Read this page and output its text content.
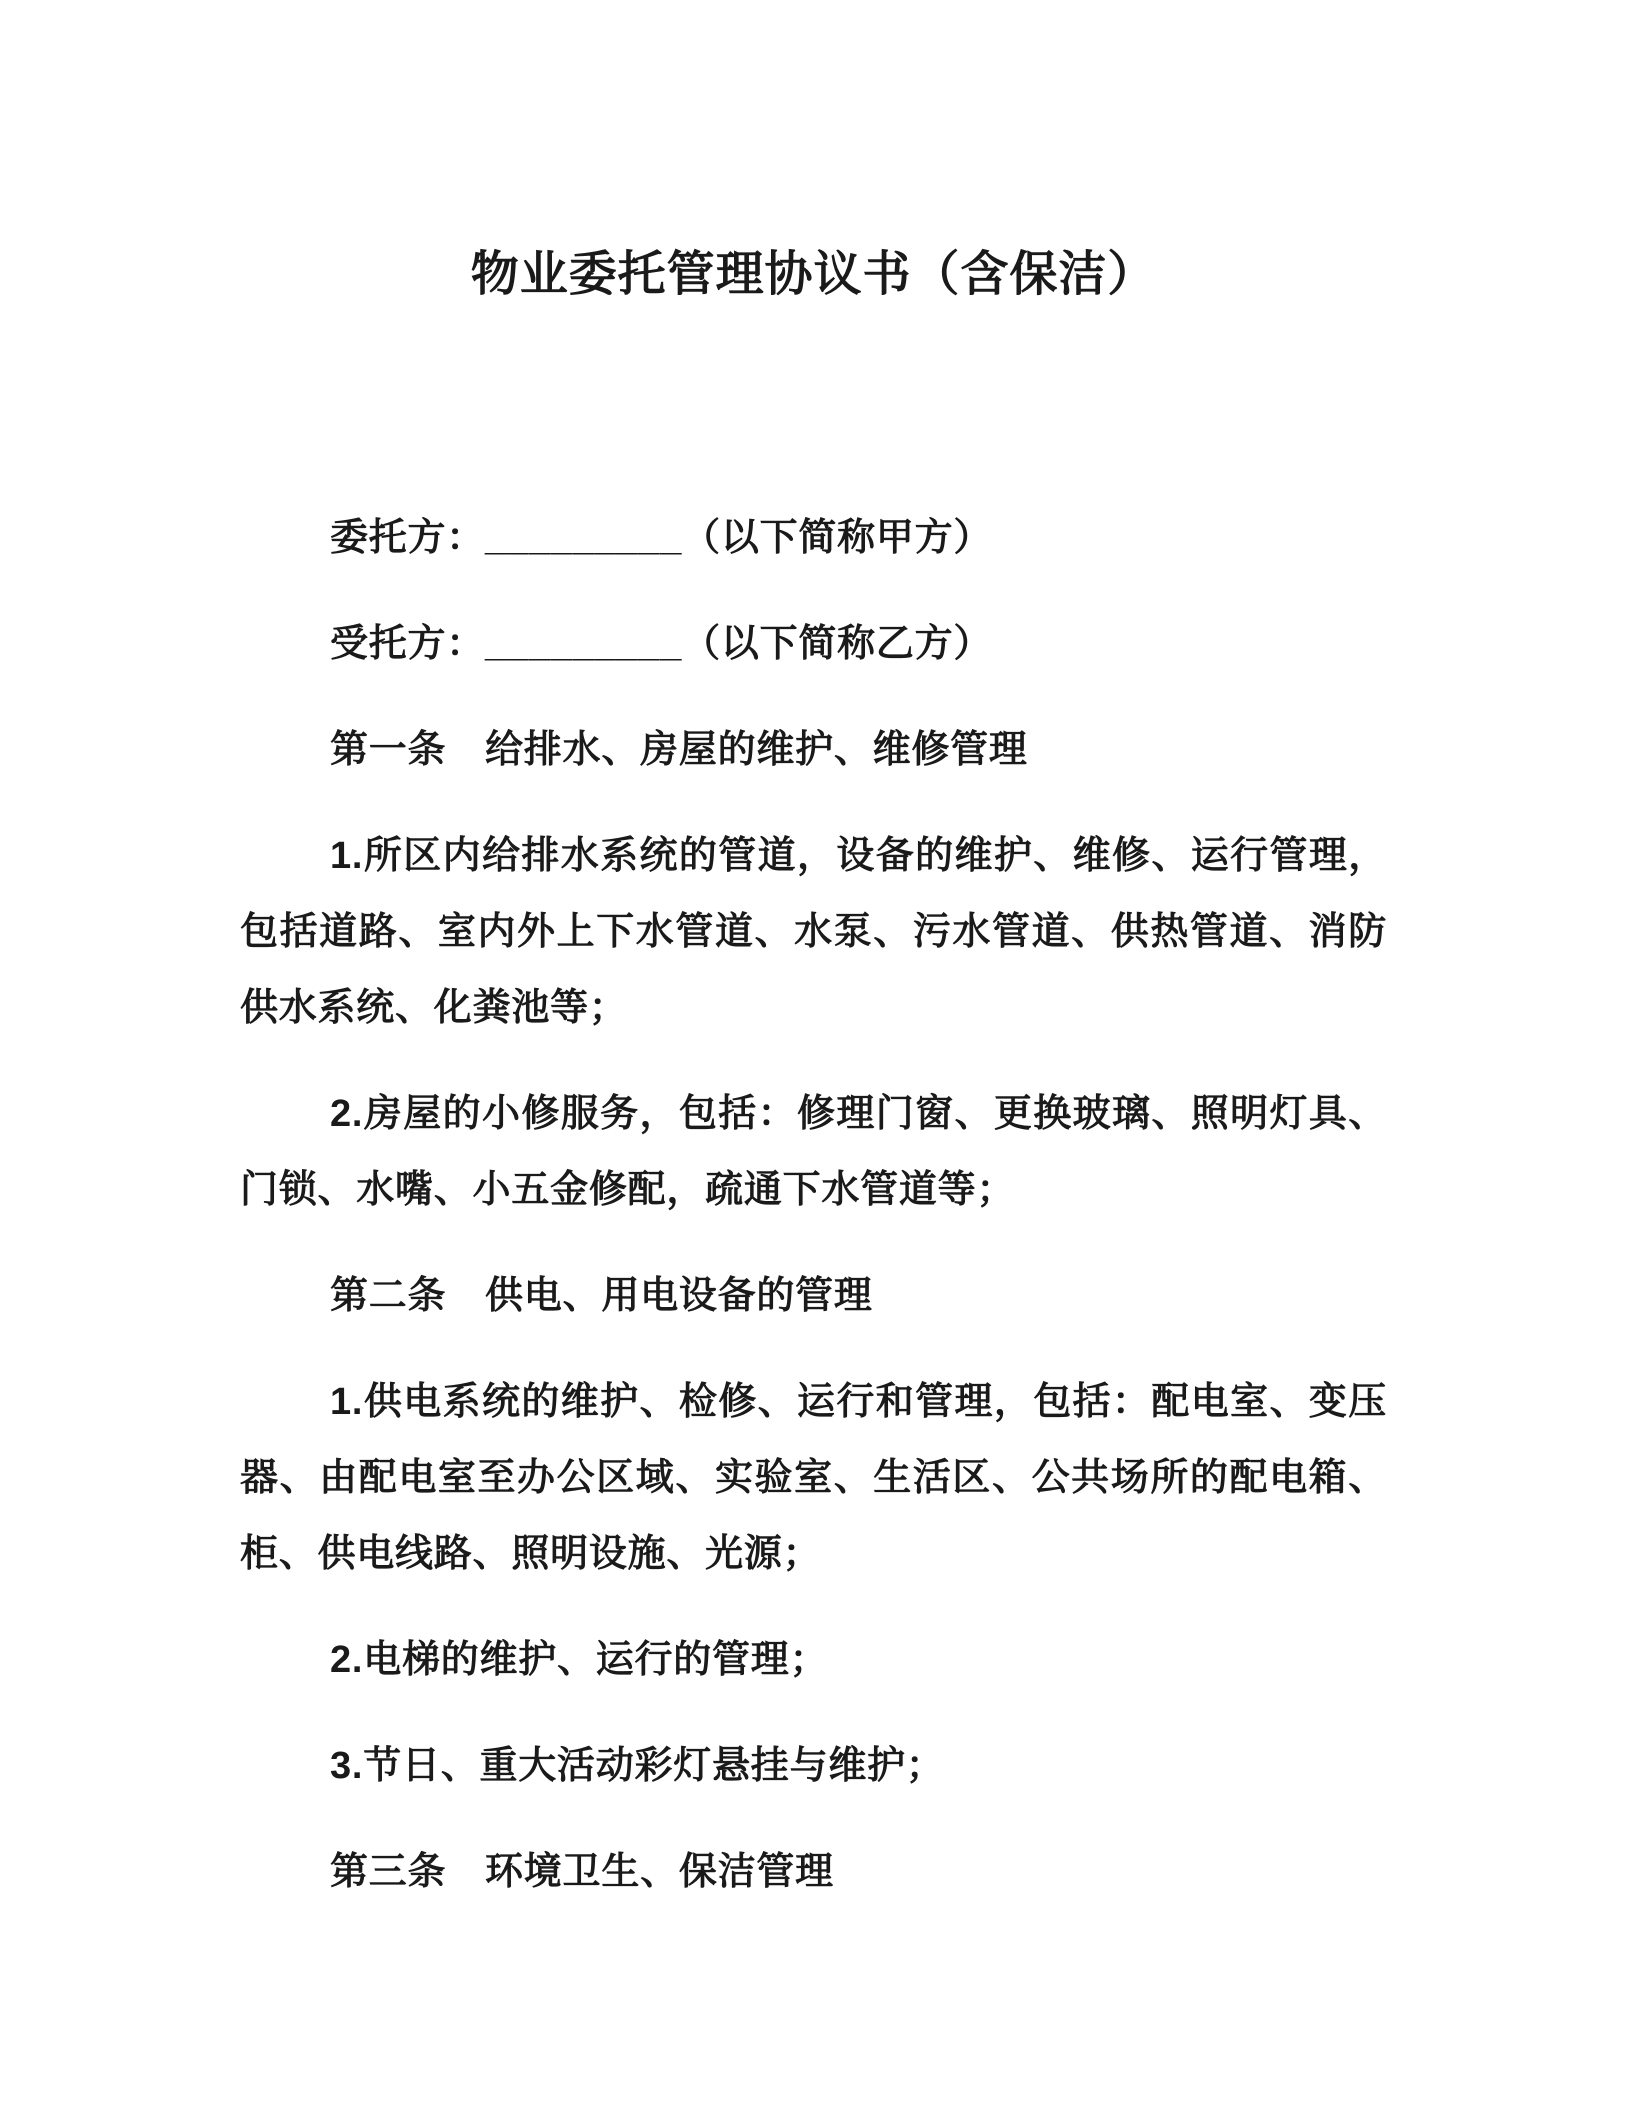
物业委托管理协议书（含保洁）

委托方：_________（以下简称甲方）

受托方：_________（以下简称乙方）

第一条　给排水、房屋的维护、维修管理

1.所区内给排水系统的管道，设备的维护、维修、运行管理，包括道路、室内外上下水管道、水泵、污水管道、供热管道、消防供水系统、化粪池等；

2.房屋的小修服务，包括：修理门窗、更换玻璃、照明灯具、门锁、水嘴、小五金修配，疏通下水管道等；

第二条　供电、用电设备的管理

1.供电系统的维护、检修、运行和管理，包括：配电室、变压器、由配电室至办公区域、实验室、生活区、公共场所的配电箱、柜、供电线路、照明设施、光源；

2.电梯的维护、运行的管理；

3.节日、重大活动彩灯悬挂与维护；

第三条　环境卫生、保洁管理
